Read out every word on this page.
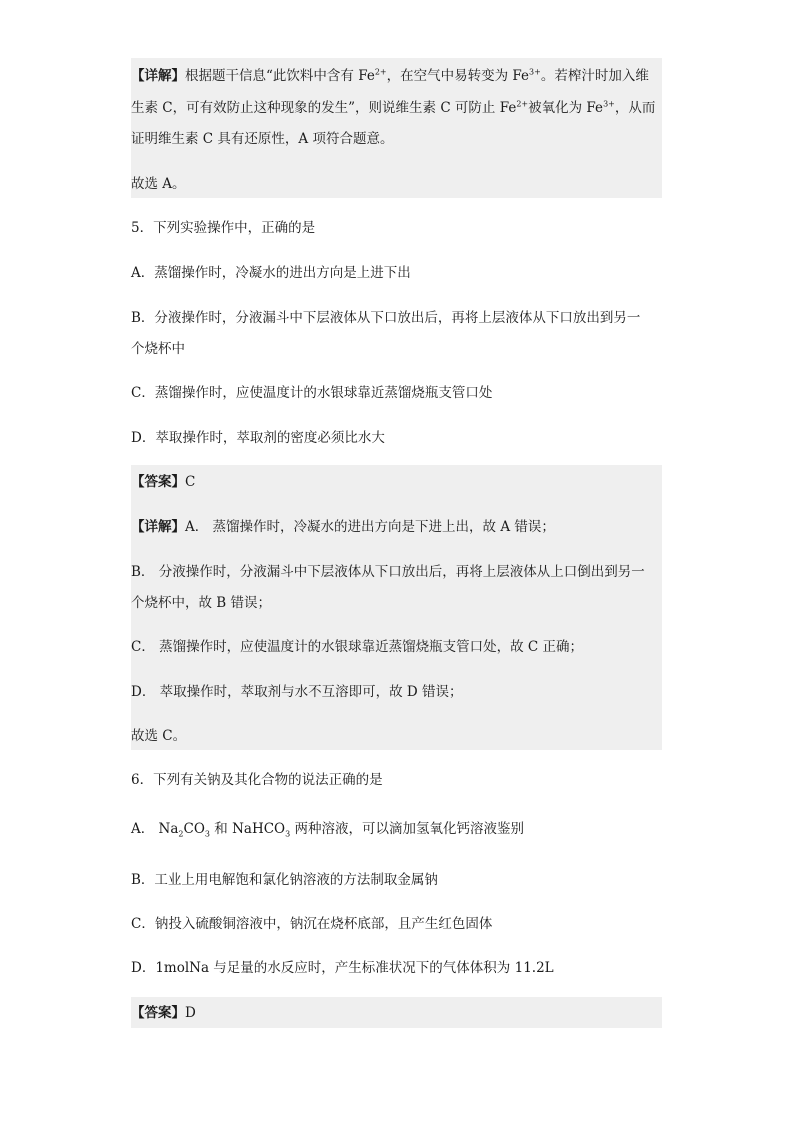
【详解】根据题干信息“此饮料中含有 $Fe^{2+}$，在空气中易转变为 $Fe^{3+}$。若榨汁时加入维
生素 C，可有效防止这种现象的发生”，则说维生素 C 可防止 $Fe^{2+}$被氧化为 $Fe^{3+}$，从而
证明维生素 C 具有还原性，A 项符合题意。
故选 A。
5．下列实验操作中，正确的是
A．蒸馏操作时，冷凝水的进出方向是上进下出
B．分液操作时，分液漏斗中下层液体从下口放出后，再将上层液体从下口放出到另一
个烧杯中
C．蒸馏操作时，应使温度计的水银球靠近蒸馏烧瓶支管口处
D．萃取操作时，萃取剂的密度必须比水大
【答案】C
【详解】A． 蒸馏操作时，冷凝水的进出方向是下进上出，故 A 错误；
B． 分液操作时，分液漏斗中下层液体从下口放出后，再将上层液体从上口倒出到另一
个烧杯中，故 B 错误；
C． 蒸馏操作时，应使温度计的水银球靠近蒸馏烧瓶支管口处，故 C 正确；
D． 萃取操作时，萃取剂与水不互溶即可，故 D 错误；
故选 C。
6．下列有关钠及其化合物的说法正确的是
A． $Na_2CO_3$ 和 NaHCO$_3$ 两种溶液，可以滴加氢氧化钙溶液鉴别
B．工业上用电解饱和氯化钠溶液的方法制取金属钠
C．钠投入硫酸铜溶液中，钠沉在烧杯底部，且产生红色固体
D．1molNa 与足量的水反应时，产生标准状况下的气体体积为 11.2L
【答案】D
